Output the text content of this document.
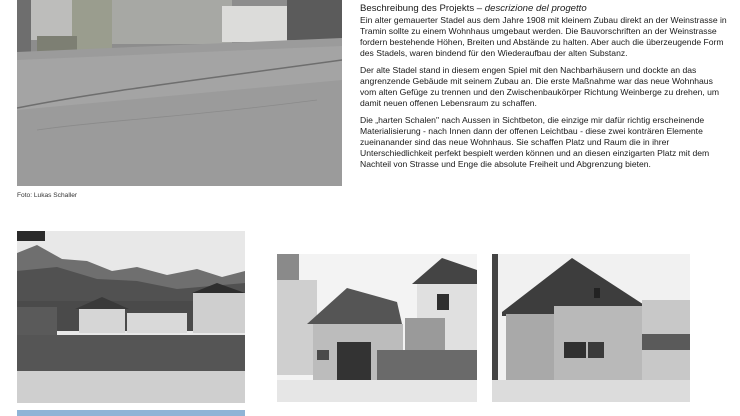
Foto: Lukas Schaller
Beschreibung des Projekts – descrizione del progetto

Ein alter gemauerter Stadel aus dem Jahre 1908 mit kleinem Zubau direkt an der Weinstrasse in Tramin sollte zu einem Wohnhaus umgebaut werden. Die Bauvorschriften an der Weinstrasse fordern bestehende Höhen, Breiten und Abstände zu halten. Aber auch die überzeugende Form des Stadels, waren bindend für den Wiederaufbau der alten Substanz.

Der alte Stadel stand in diesem engen Spiel mit den Nachbarhäusern und dockte an das angrenzende Gebäude mit seinem Zubau an. Die erste Maßnahme war das neue Wohnhaus vom alten Gefüge zu trennen und den Zwischenbaukörper Richtung Weinberge zu drehen, um damit neuen offenen Lebensraum zu schaffen.

Die „harten Schalen" nach Aussen in Sichtbeton, die einzige mir dafür richtig erscheinende Materialisierung - nach Innen dann der offenen Leichtbau - diese zwei konträren Elemente zueinanander sind das neue Wohnhaus. Sie schaffen Platz und Raum die in ihrer Unterschiedlichkeit perfekt bespielt werden können und an diesen einzigarten Platz mit dem Nachteil von Strasse und Enge die absolute Freiheit und Abgrenzung bieten.
